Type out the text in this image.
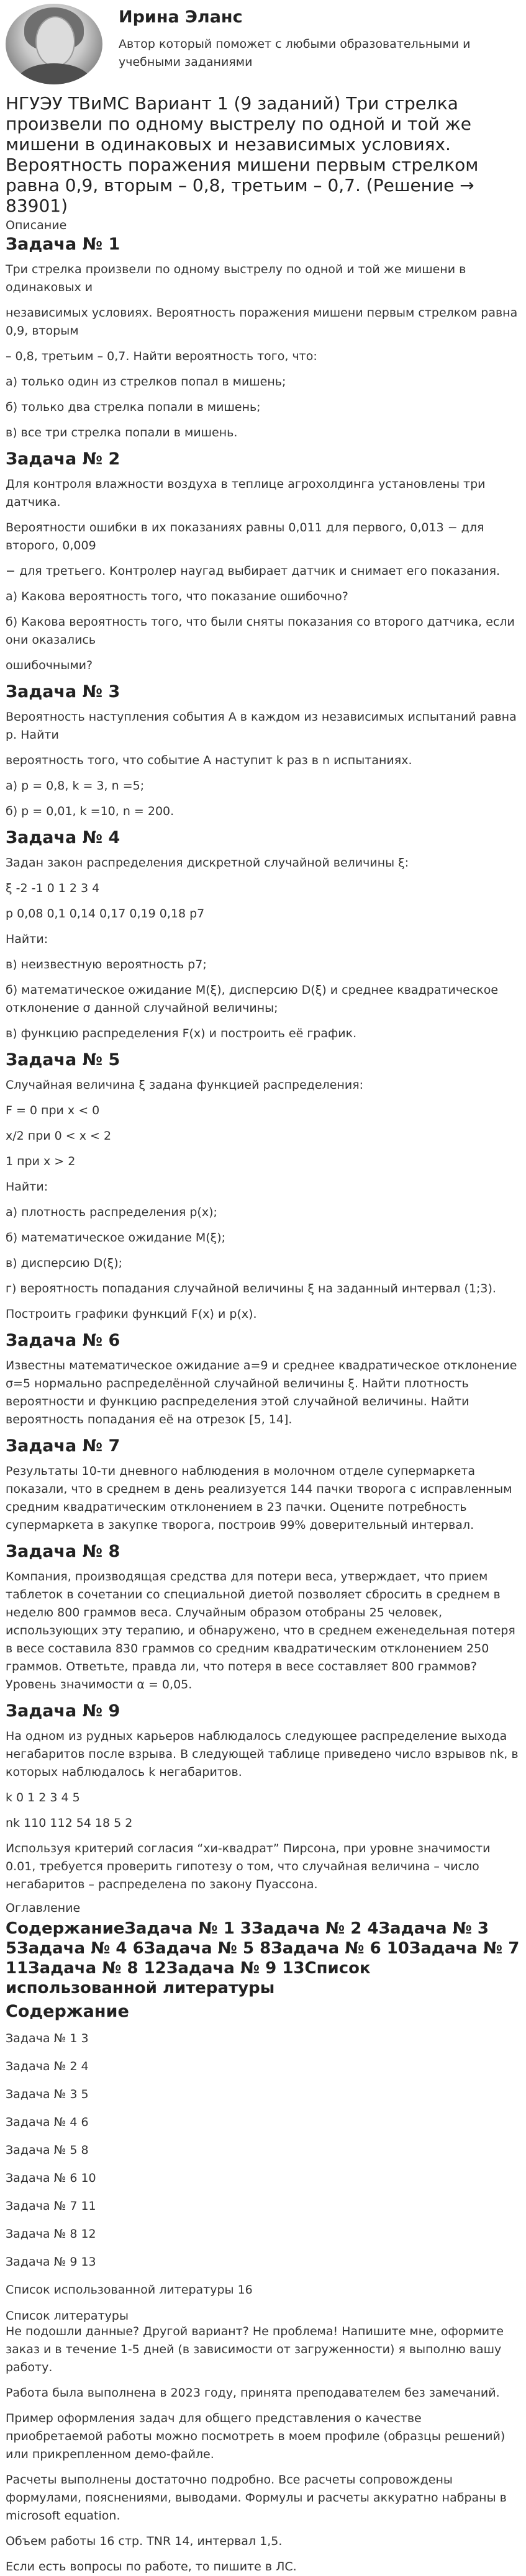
Ирина Эланс
Автор который поможет с любыми образовательными и учебными заданиями
НГУЭУ ТВиМС Вариант 1 (9 заданий) Три стрелка произвели по одному выстрелу по одной и той же мишени в одинаковых и независимых условиях. Вероятность поражения мишени первым стрелком равна 0,9, вторым – 0,8, третьим – 0,7. (Решение → 83901)
Описание
Задача № 1

Три стрелка произвели по одному выстрелу по одной и той же мишени в одинаковых и

независимых условиях. Вероятность поражения мишени первым стрелком равна 0,9, вторым

– 0,8, третьим – 0,7. Найти вероятность того, что:

а) только один из стрелков попал в мишень;

б) только два стрелка попали в мишень;

в) все три стрелка попали в мишень.

Задача № 2

Для контроля влажности воздуха в теплице агрохолдинга установлены три датчика.

Вероятности ошибки в их показаниях равны 0,011 для первого, 0,013 − для второго, 0,009

− для третьего. Контролер наугад выбирает датчик и снимает его показания.

а) Какова вероятность того, что показание ошибочно?

б) Какова вероятность того, что были сняты показания со второго датчика, если они оказались

ошибочными?

Задача № 3

Вероятность наступления события A в каждом из независимых испытаний равна p. Найти

вероятность того, что событие A наступит k раз в n испытаниях.

а) p = 0,8, k = 3, n =5;

б) p = 0,01, k =10, n = 200.

Задача № 4

Задан закон распределения дискретной случайной величины ξ:

ξ -2 -1 0 1 2 3 4

p 0,08 0,1 0,14 0,17 0,19 0,18 p7

Найти:

в) неизвестную вероятность p7;

б) математическое ожидание M(ξ), дисперсию D(ξ) и среднее квадратическое отклонение σ данной случайной величины;

в) функцию распределения F(x) и построить её график.

Задача № 5

Случайная величина ξ задана функцией распределения:

F = 0 при x < 0

x/2 при 0 < x < 2

1 при x > 2

Найти:

а) плотность распределения p(x);

б) математическое ожидание M(ξ);

в) дисперсию D(ξ);

г) вероятность попадания случайной величины ξ на заданный интервал (1;3).

Построить графики функций F(x) и p(x).

Задача № 6

Известны математическое ожидание a=9 и среднее квадратическое отклонение σ=5 нормально распределённой случайной величины ξ. Найти плотность вероятности и функцию распределения этой случайной величины. Найти вероятность попадания её на отрезок [5, 14].

Задача № 7

Результаты 10-ти дневного наблюдения в молочном отделе супермаркета показали, что в среднем в день реализуется 144 пачки творога с исправленным средним квадратическим отклонением в 23 пачки. Оцените потребность супермаркета в закупке творога, построив 99% доверительный интервал.

Задача № 8

Компания, производящая средства для потери веса, утверждает, что прием таблеток в сочетании со специальной диетой позволяет сбросить в среднем в неделю 800 граммов веса. Случайным образом отобраны 25 человек, использующих эту терапию, и обнаружено, что в среднем еженедельная потеря в весе составила 830 граммов со средним квадратическим отклонением 250 граммов. Ответьте, правда ли, что потеря в весе составляет 800 граммов? Уровень значимости α = 0,05.

Задача № 9

На одном из рудных карьеров наблюдалось следующее распределение выхода негабаритов после взрыва. В следующей таблице приведено число взрывов nk, в которых наблюдалось k негабаритов.

k 0 1 2 3 4 5

nk 110 112 54 18 5 2

Используя критерий согласия “хи-квадрат” Пирсона, при уровне значимости 0.01, требуется проверить гипотезу о том, что случайная величина – число негабаритов – распределена по закону Пуассона.

Оглавление
СодержаниеЗадача № 1 3Задача № 2 4Задача № 3 5Задача № 4 6Задача № 5 8Задача № 6 10Задача № 7 11Задача № 8 12Задача № 9 13Список использованной литературы
Содержание
Задача № 1 3
Задача № 2 4
Задача № 3 5
Задача № 4 6
Задача № 5 8
Задача № 6 10
Задача № 7 11
Задача № 8 12
Задача № 9 13
Список использованной литературы 16
Список литературы

Не подошли данные? Другой вариант? Не проблема! Напишите мне, оформите заказ и в течение 1-5 дней (в зависимости от загруженности) я выполню вашу работу.

Работа была выполнена в 2023 году, принята преподавателем без замечаний.

Пример оформления задач для общего представления о качестве приобретаемой работы можно посмотреть в моем профиле (образцы решений) или прикрепленном демо-файле.

Расчеты выполнены достаточно подробно. Все расчеты сопровождены формулами, пояснениями, выводами. Формулы и расчеты аккуратно набраны в microsoft equation.

Объем работы 16 стр. TNR 14, интервал 1,5.

Если есть вопросы по работе, то пишите в ЛС.
